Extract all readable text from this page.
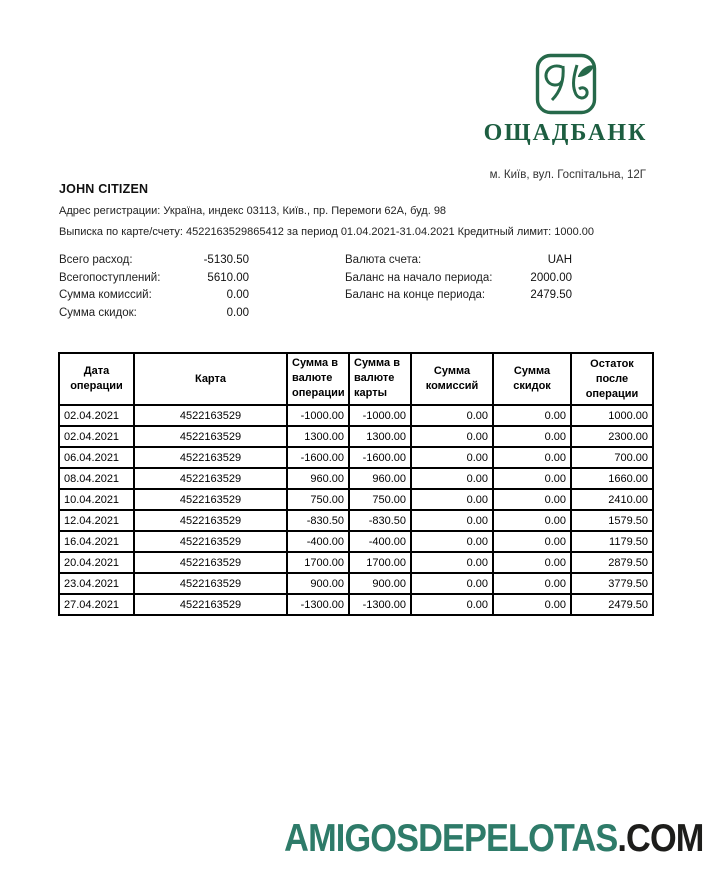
ОЩАДБАНК
м. Київ, вул. Госпітальна, 12Г
JOHN CITIZEN
Адрес регистрации: Україна, индекс 03113, Київ., пр. Перемоги 62А, буд. 98
Выписка по карте/счету: 4522163529865412 за период 01.04.2021-31.04.2021 Кредитный лимит: 1000.00
Всего расход:	-5130.50
Всегопоступлений:	5610.00
Сумма комиссий:	0.00
Сумма скидок:	0.00
Валюта счета:	UAH
Баланс на начало периода:	2000.00
Баланс на конце периода:	2479.50
Дата операции	Карта	Сумма в валюте операции	Сумма в валюте карты	Сумма комиссий	Сумма скидок	Остаток после операции
02.04.2021	4522163529	-1000.00	-1000.00	0.00	0.00	1000.00
02.04.2021	4522163529	1300.00	1300.00	0.00	0.00	2300.00
06.04.2021	4522163529	-1600.00	-1600.00	0.00	0.00	700.00
08.04.2021	4522163529	960.00	960.00	0.00	0.00	1660.00
10.04.2021	4522163529	750.00	750.00	0.00	0.00	2410.00
12.04.2021	4522163529	-830.50	-830.50	0.00	0.00	1579.50
16.04.2021	4522163529	-400.00	-400.00	0.00	0.00	1179.50
20.04.2021	4522163529	1700.00	1700.00	0.00	0.00	2879.50
23.04.2021	4522163529	900.00	900.00	0.00	0.00	3779.50
27.04.2021	4522163529	-1300.00	-1300.00	0.00	0.00	2479.50
AMIGOSDEPELOTAS.COM
